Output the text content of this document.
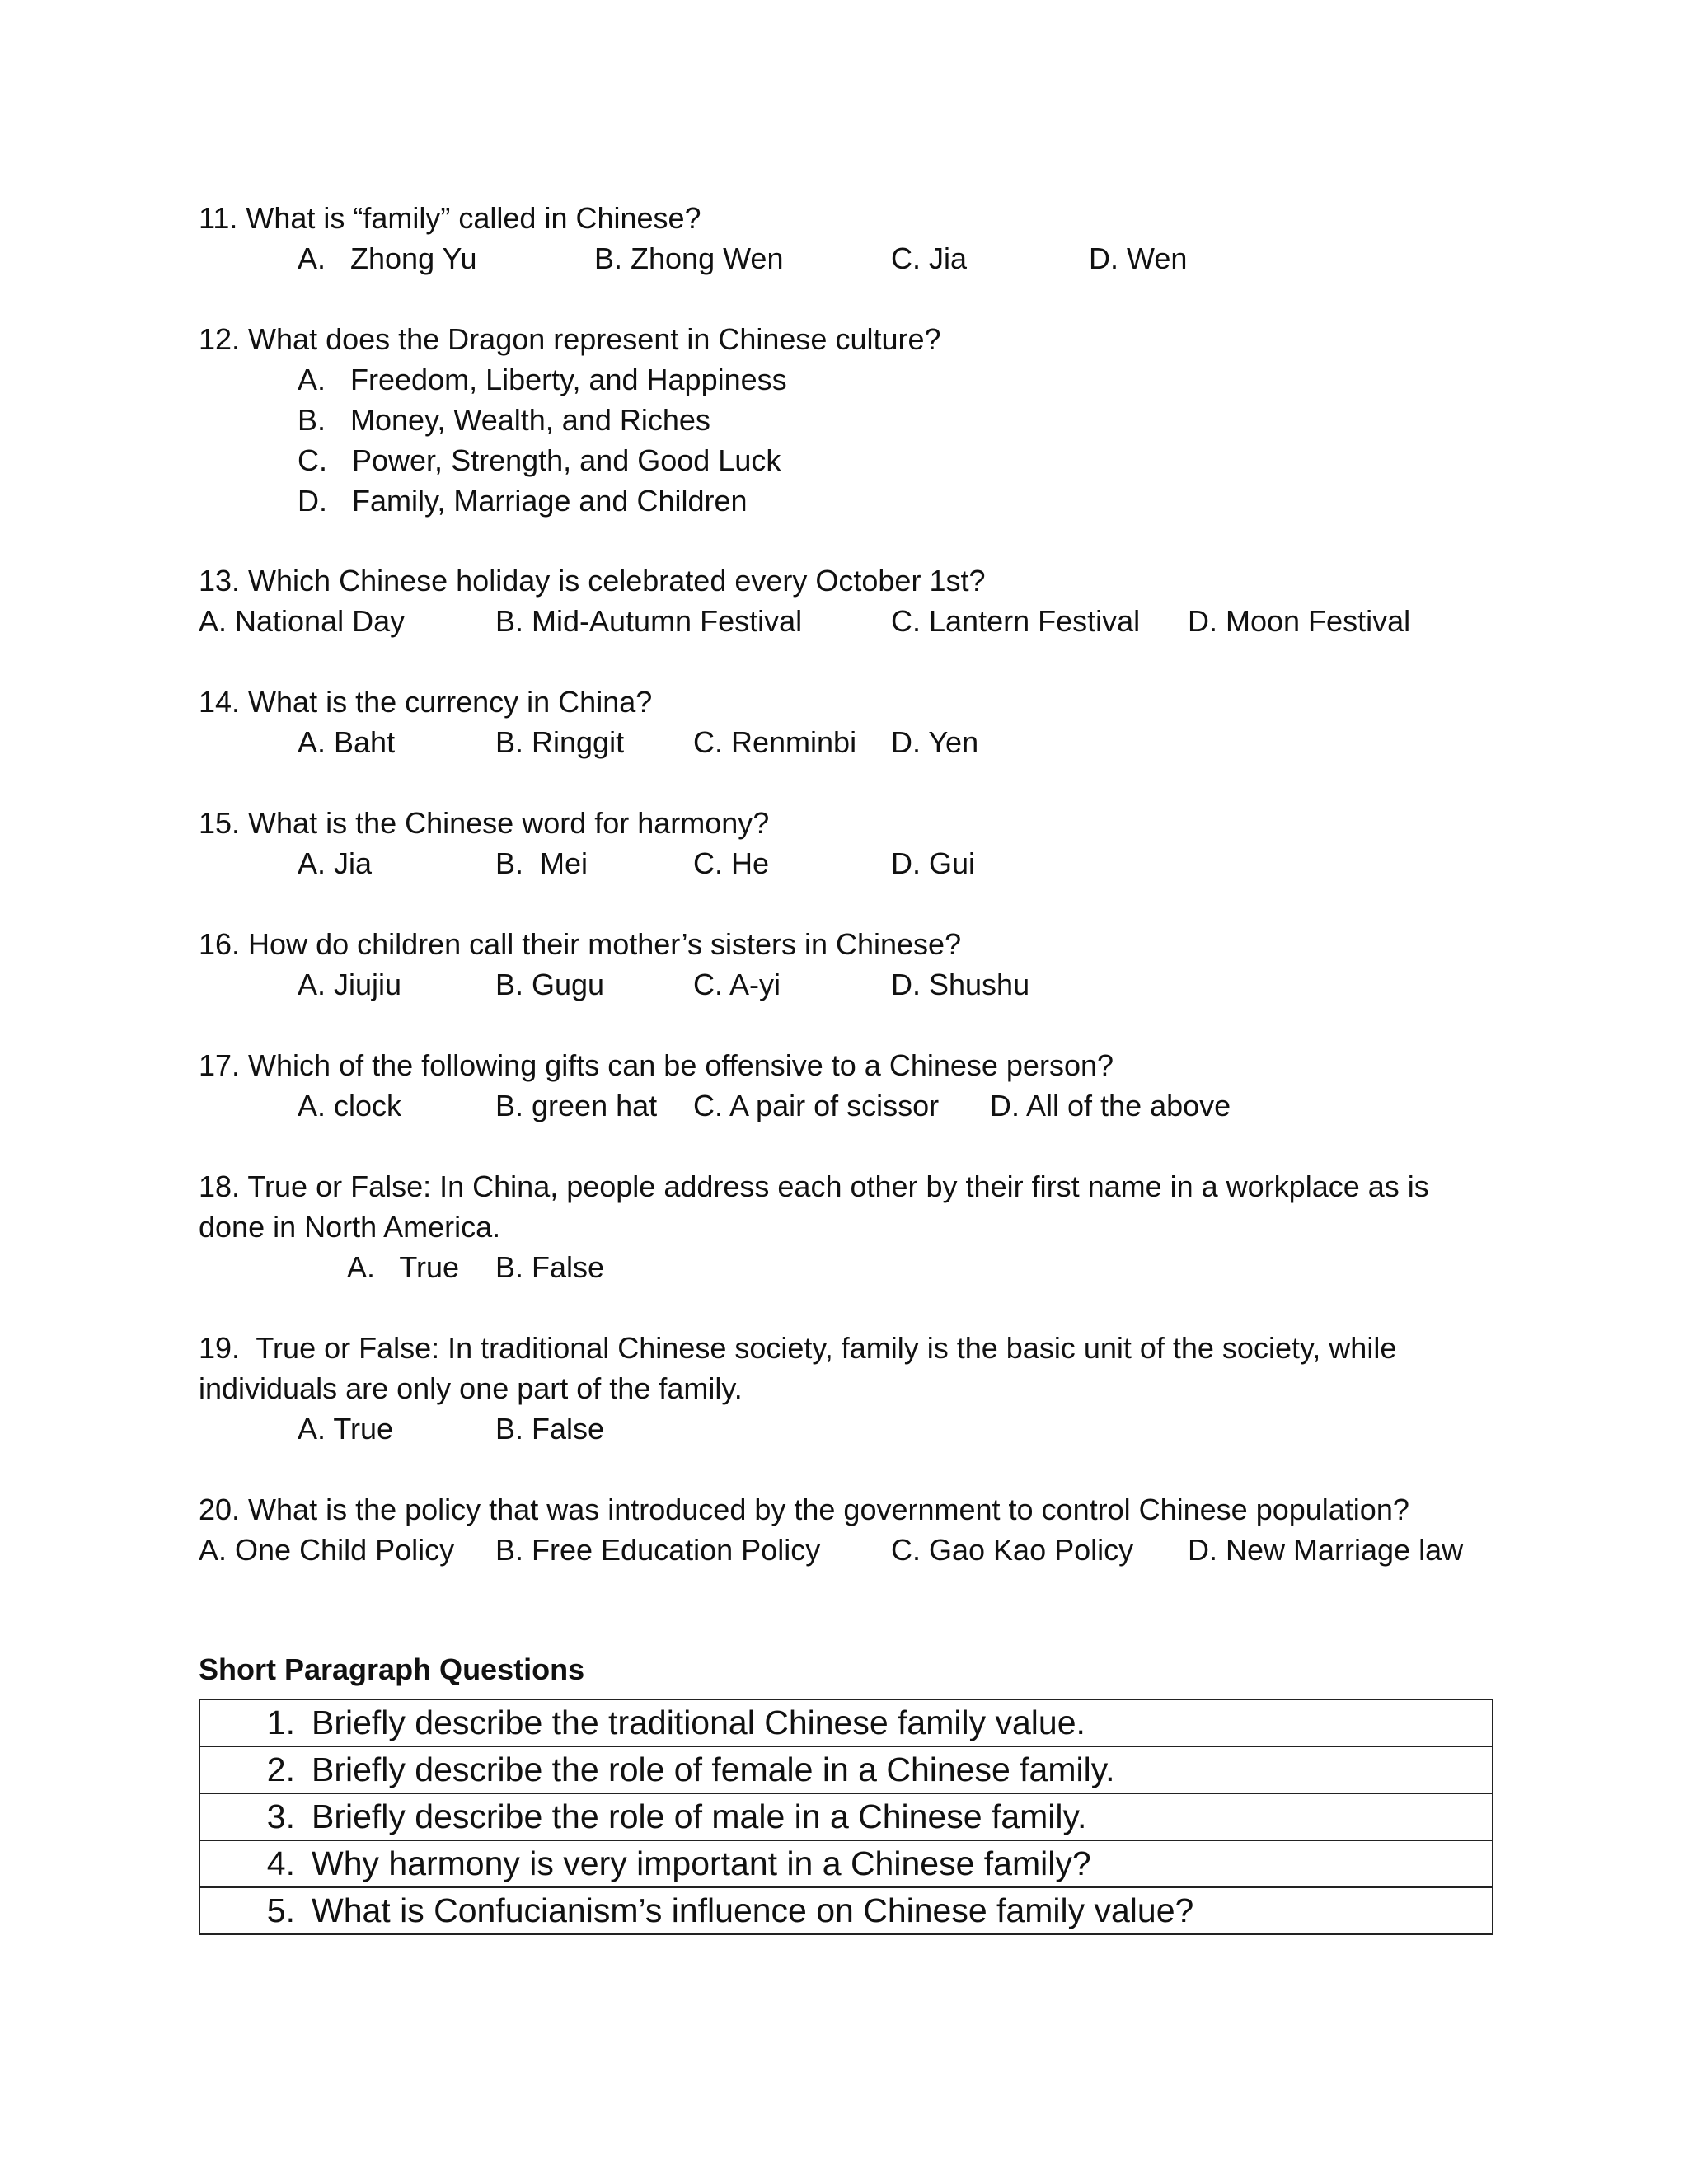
11. What is “family” called in Chinese?
A.   Zhong Yu	B. Zhong Wen	C. Jia	D. Wen
12. What does the Dragon represent in Chinese culture?
A.   Freedom, Liberty, and Happiness
B.   Money, Wealth, and Riches
C.   Power, Strength, and Good Luck
D.   Family, Marriage and Children
13. Which Chinese holiday is celebrated every October 1st?
A. National Day	B. Mid-Autumn Festival	C. Lantern Festival D. Moon Festival
14. What is the currency in China?
A. Baht	B. Ringgit C. Renminbi D. Yen
15. What is the Chinese word for harmony?
A. Jia	B.  Mei	C. He	D. Gui
16. How do children call their mother’s sisters in Chinese?
A. Jiujiu	B. Gugu	C. A-yi	D. Shushu
17. Which of the following gifts can be offensive to a Chinese person?
A. clock	B. green hat C. A pair of scissor D. All of the above
18. True or False: In China, people address each other by their first name in a workplace as is
done in North America.
A.   True B. False
19.  True or False: In traditional Chinese society, family is the basic unit of the society, while
individuals are only one part of the family.
A. True	B. False
20. What is the policy that was introduced by the government to control Chinese population?
A. One Child Policy B. Free Education Policy C. Gao Kao Policy D. New Marriage law
Short Paragraph Questions
1. Briefly describe the traditional Chinese family value.
2. Briefly describe the role of female in a Chinese family.
3. Briefly describe the role of male in a Chinese family.
4. Why harmony is very important in a Chinese family?
5. What is Confucianism’s influence on Chinese family value?
